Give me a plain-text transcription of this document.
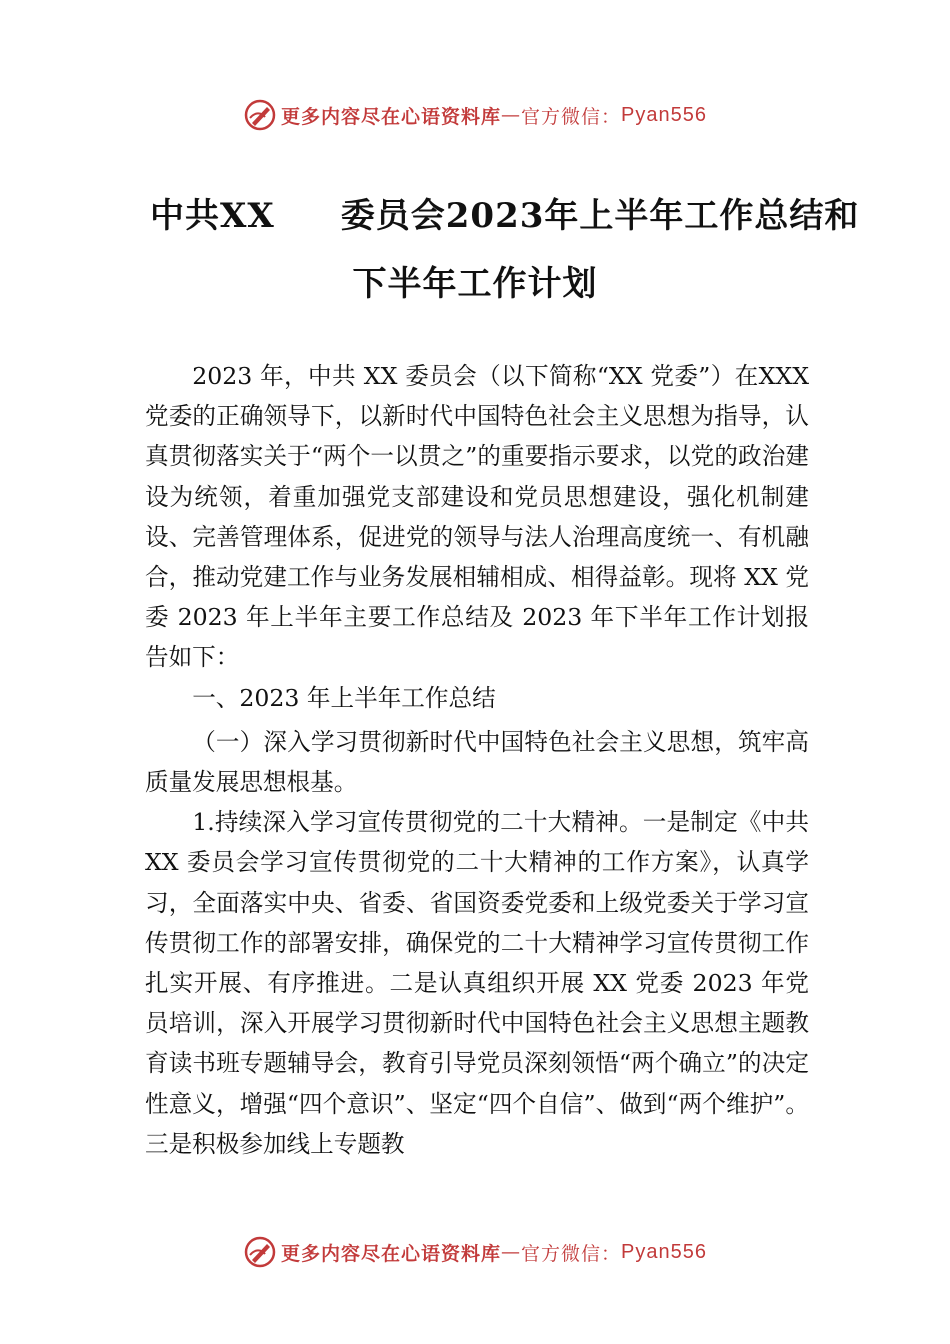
更多内容尽在心语资料库 — 官方微信： Pyan556
中共XX 委员会2023年上半年工作总结和
下半年工作计划

2023 年，中共 XX 委员会（以下简称“XX 党委”）在XXX 党委的正确领导下，以新时代中国特色社会主义思想为指导，认真贯彻落实关于“两个一以贯之”的重要指示要求，以党的政治建设为统领，着重加强党支部建设和党员思想建设，强化机制建设、完善管理体系，促进党的领导与法人治理高度统一、有机融合，推动党建工作与业务发展相辅相成、相得益彰。现将 XX 党委 2023 年上半年主要工作总结及 2023 年下半年工作计划报告如下：

一、2023 年上半年工作总结

（一）深入学习贯彻新时代中国特色社会主义思想，筑牢高质量发展思想根基。

1.持续深入学习宣传贯彻党的二十大精神。一是制定《中共 XX 委员会学习宣传贯彻党的二十大精神的工作方案》，认真学习，全面落实中央、省委、省国资委党委和上级党委关于学习宣传贯彻工作的部署安排，确保党的二十大精神学习宣传贯彻工作扎实开展、有序推进。二是认真组织开展 XX 党委 2023 年党员培训，深入开展学习贯彻新时代中国特色社会主义思想主题教育读书班专题辅导会，教育引导党员深刻领悟“两个确立”的决定性意义，增强“四个意识”、坚定“四个自信”、做到“两个维护”。三是积极参加线上专题教

更多内容尽在心语资料库 — 官方微信： Pyan556
